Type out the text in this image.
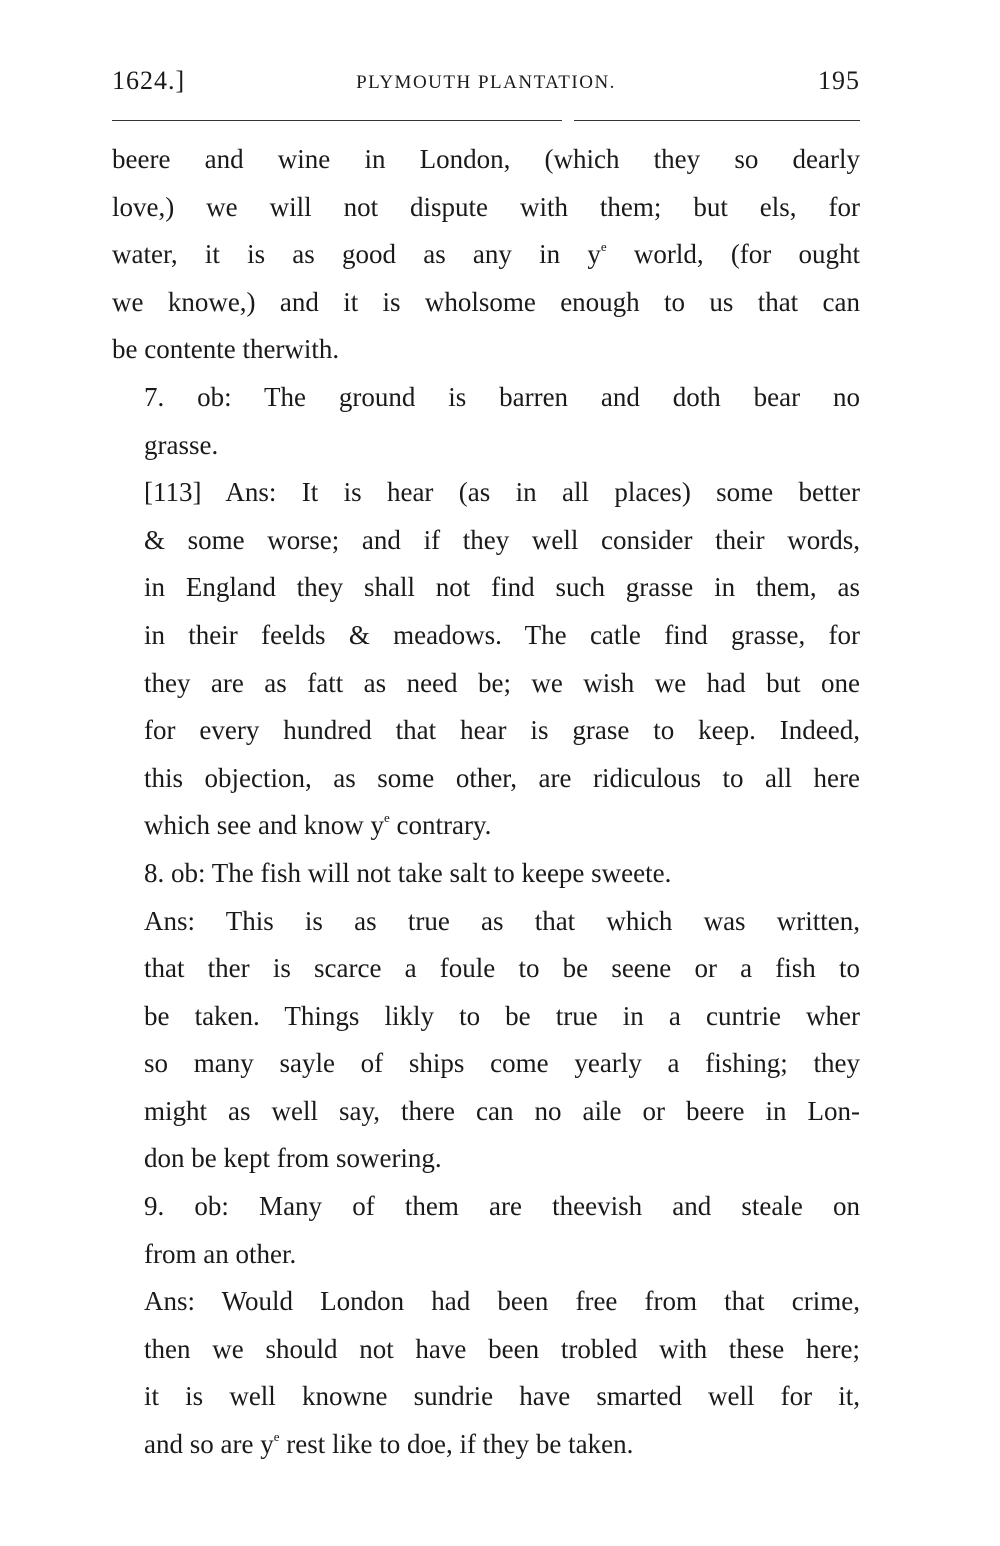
1624.]	PLYMOUTH PLANTATION.	195
beere and wine in London, (which they so dearly
love,) we will not dispute with them; but els, for
water, it is as good as any in $y^e$ world, (for ought
we knowe,) and it is wholsome enough to us that can
be contente therwith.
7. ob: The ground is barren and doth bear no
grasse.
[113] Ans: It is hear (as in all places) some better
& some worse; and if they well consider their words,
in England they shall not find such grasse in them, as
in their feelds & meadows. The catle find grasse, for
they are as fatt as need be; we wish we had but one
for every hundred that hear is grase to keep. Indeed,
this objection, as some other, are ridiculous to all here
which see and know $y^e$ contrary.
8. ob: The fish will not take salt to keepe sweete.
Ans: This is as true as that which was written,
that ther is scarce a foule to be seene or a fish to
be taken. Things likly to be true in a cuntrie wher
so many sayle of ships come yearly a fishing; they
might as well say, there can no aile or beere in Lon-
don be kept from sowering.
9. ob: Many of them are theevish and steale on
from an other.
Ans: Would London had been free from that crime,
then we should not have been trobled with these here;
it is well knowne sundrie have smarted well for it,
and so are $y^e$ rest like to doe, if they be taken.
